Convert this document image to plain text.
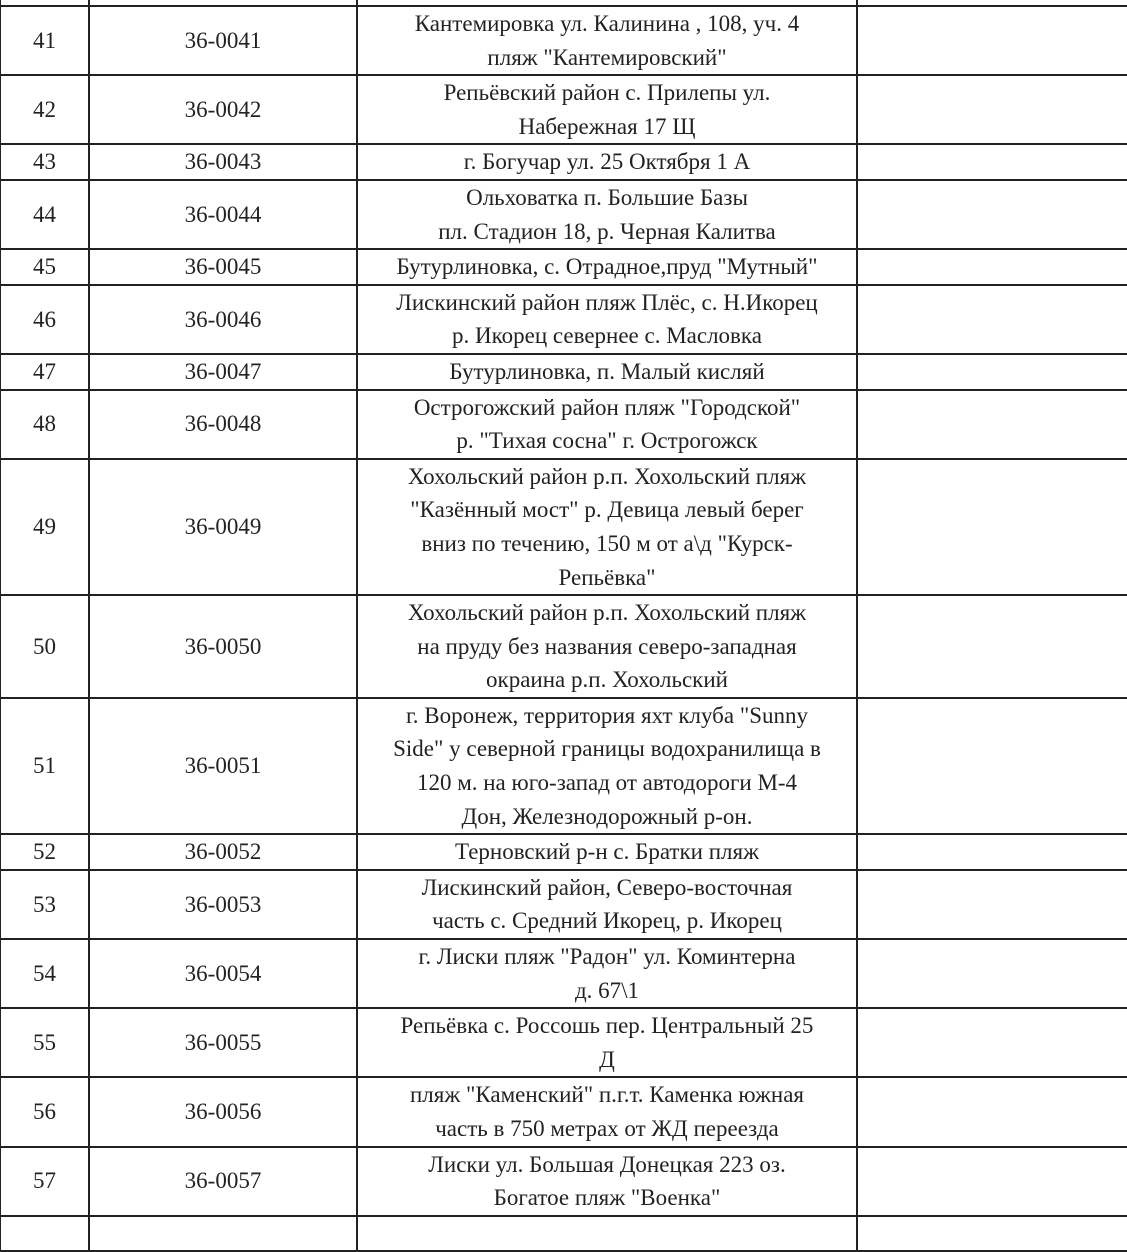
41	36-0041	Кантемировка ул. Калинина , 108, уч. 4
пляж "Кантемировский"	
42	36-0042	Репьёвский район с. Прилепы ул.
Набережная 17 Щ	
43	36-0043	г. Богучар ул. 25 Октября 1 А	
44	36-0044	Ольховатка п. Большие Базы
пл. Стадион 18, р. Черная Калитва	
45	36-0045	Бутурлиновка, с. Отрадное,пруд "Мутный"	
46	36-0046	Лискинский район пляж Плёс, с. Н.Икорец
р. Икорец севернее с. Масловка	
47	36-0047	Бутурлиновка, п. Малый кисляй	
48	36-0048	Острогожский район пляж "Городской"
р. "Тихая сосна" г. Острогожск	
49	36-0049	Хохольский район р.п. Хохольский пляж
"Казённый мост" р. Девица левый берег
вниз по течению, 150 м от а\д "Курск-
Репьёвка"	
50	36-0050	Хохольский район р.п. Хохольский пляж
на пруду без названия северо-западная
окраина р.п. Хохольский	
51	36-0051	г. Воронеж, территория яхт клуба "Sunny
Side" у северной границы водохранилища в
120 м. на юго-запад от автодороги М-4
Дон, Железнодорожный р-он.	
52	36-0052	Терновский р-н с. Братки пляж	
53	36-0053	Лискинский район, Северо-восточная
часть с. Средний Икорец, р. Икорец	
54	36-0054	г. Лиски пляж "Радон" ул. Коминтерна
д. 67\1	
55	36-0055	Репьёвка с. Россошь пер. Центральный 25
Д	
56	36-0056	пляж "Каменский" п.г.т. Каменка южная
часть в 750 метрах от ЖД переезда	
57	36-0057	Лиски ул. Большая Донецкая 223 оз.
Богатое пляж "Военка"	
